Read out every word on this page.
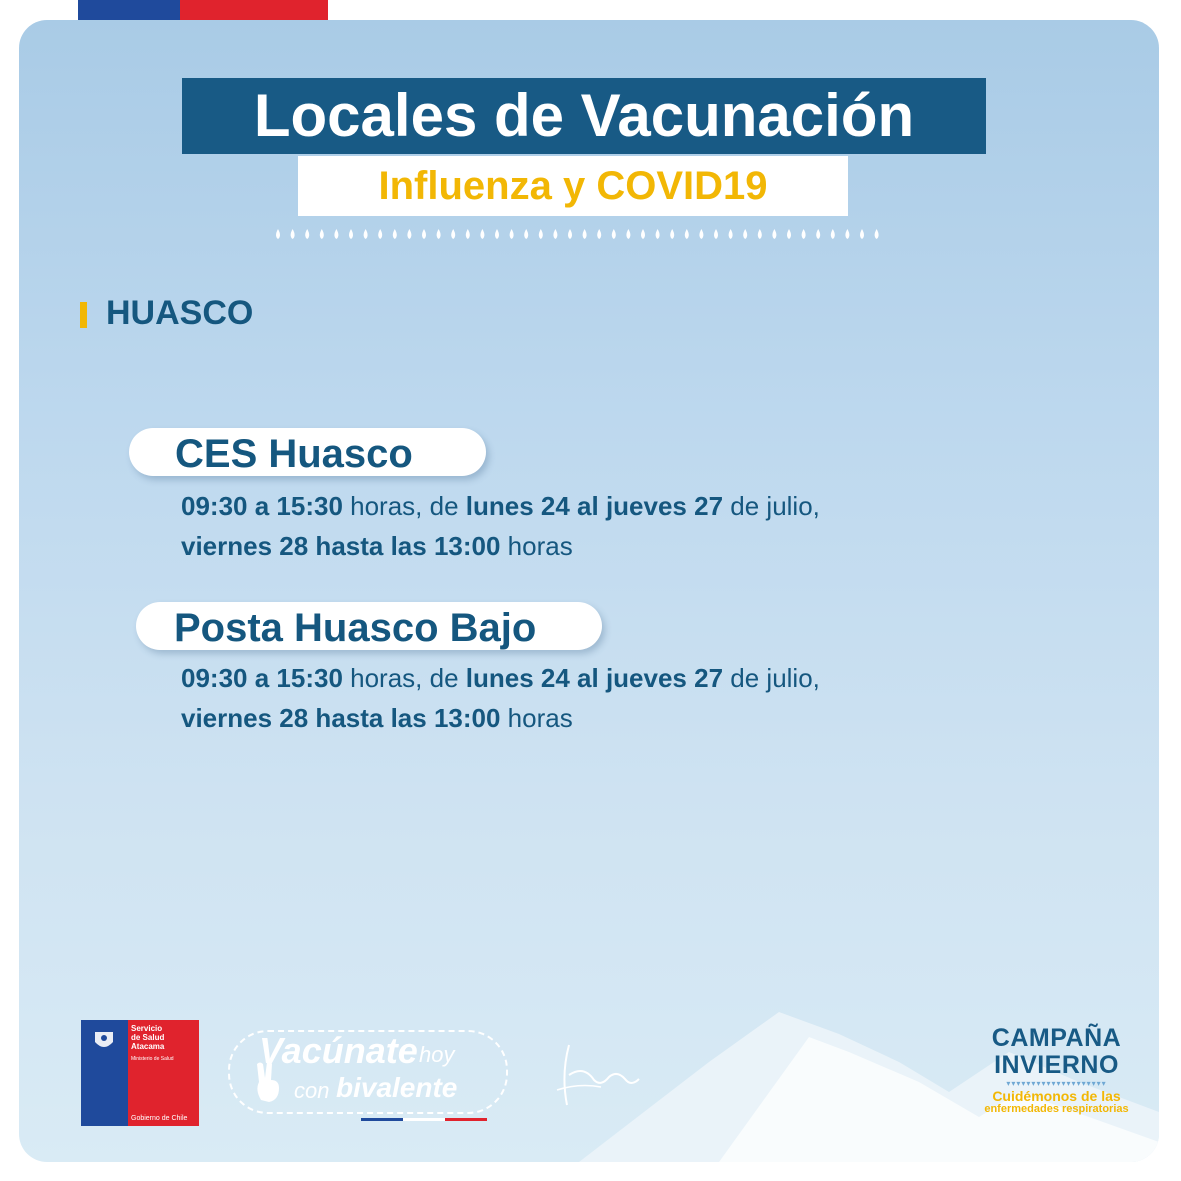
Locales de Vacunación
Influenza y COVID19
HUASCO
CES Huasco
09:30 a 15:30 horas, de lunes 24 al jueves 27 de julio,
viernes 28 hasta las 13:00 horas
Posta Huasco Bajo
09:30 a 15:30 horas, de lunes 24 al jueves 27 de julio,
viernes 28 hasta las 13:00 horas
Servicio
de Salud
Atacama
Ministerio de Salud
Gobierno de Chile
Vacúnate hoy
con bivalente
CAMPAÑA
INVIERNO
▾▾▾▾▾▾▾▾▾▾▾▾▾▾▾▾▾▾▾▾
Cuidémonos de las
enfermedades respiratorias
